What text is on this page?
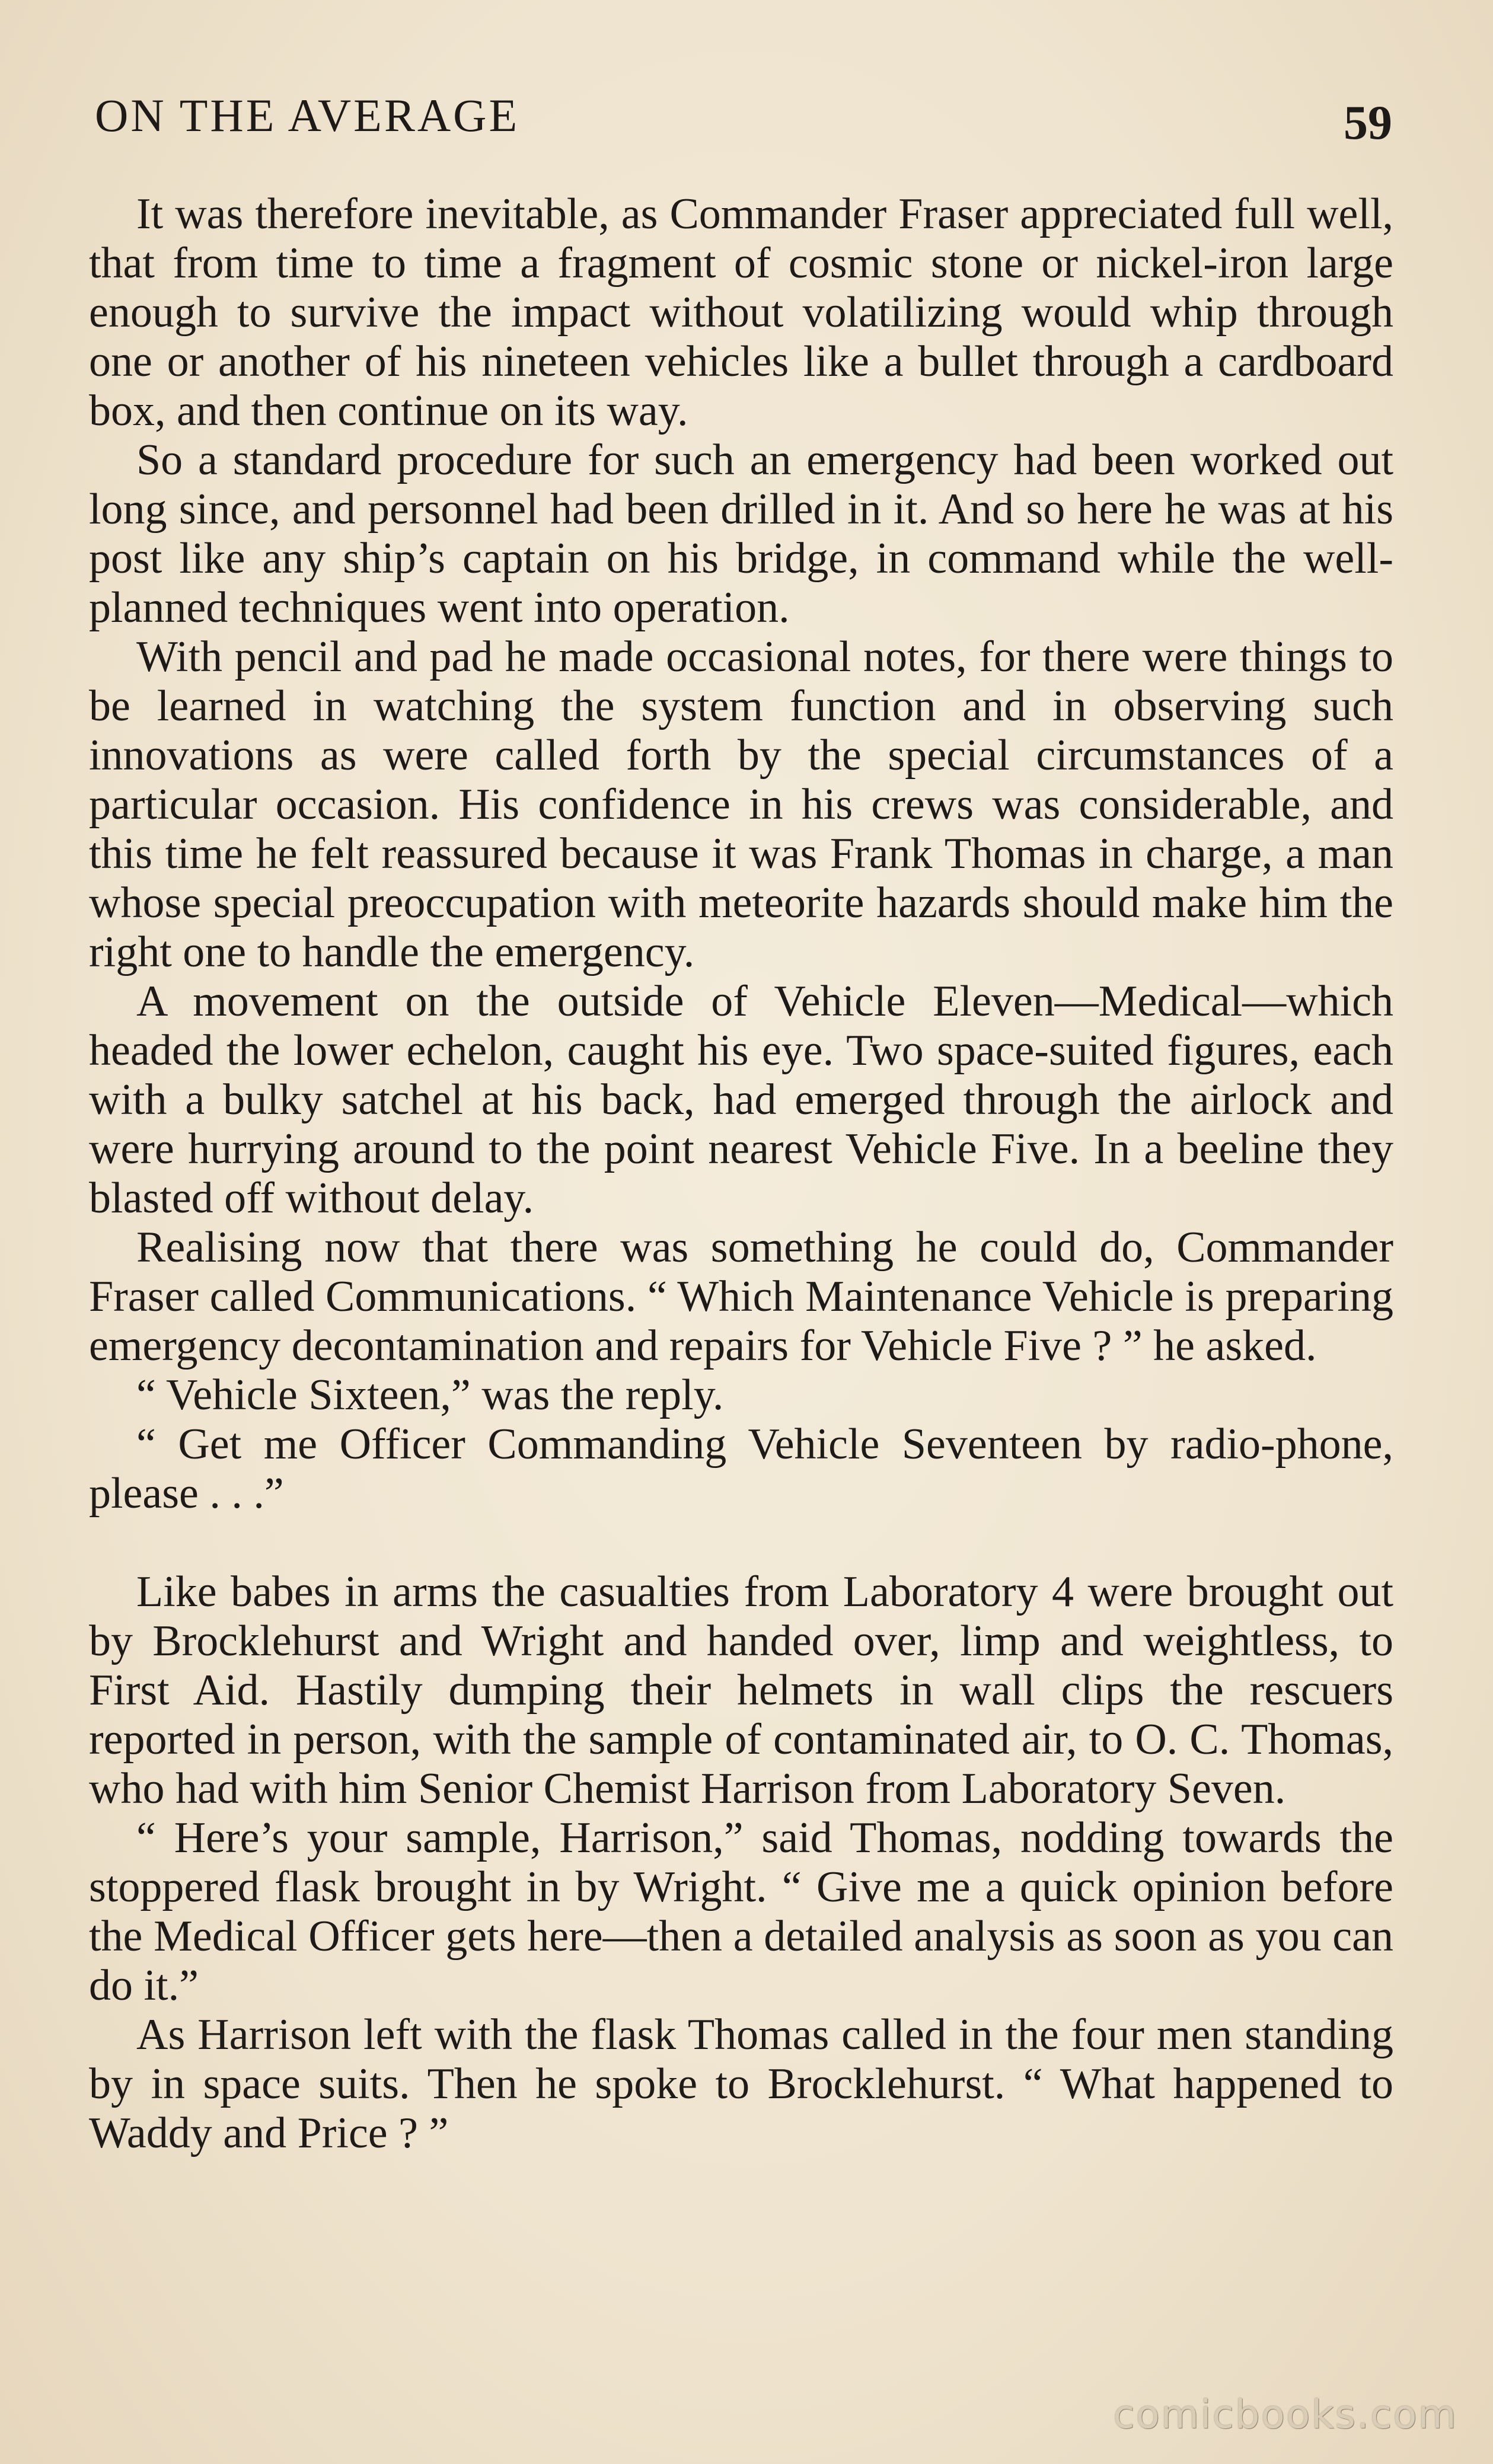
ON THE AVERAGE	59

It was therefore inevitable, as Commander Fraser appreciated full well, that from time to time a fragment of cosmic stone or nickel-iron large enough to survive the impact without volatilizing would whip through one or another of his nineteen vehicles like a bullet through a cardboard box, and then continue on its way.

So a standard procedure for such an emergency had been worked out long since, and personnel had been drilled in it. And so here he was at his post like any ship’s captain on his bridge, in command while the well-planned techniques went into operation.

With pencil and pad he made occasional notes, for there were things to be learned in watching the system function and in observing such innovations as were called forth by the special circumstances of a particular occasion. His confidence in his crews was considerable, and this time he felt reassured because it was Frank Thomas in charge, a man whose special preoccupation with meteorite hazards should make him the right one to handle the emergency.

A movement on the outside of Vehicle Eleven—Medical—which headed the lower echelon, caught his eye. Two space-suited figures, each with a bulky satchel at his back, had emerged through the airlock and were hurrying around to the point nearest Vehicle Five. In a beeline they blasted off without delay.

Realising now that there was something he could do, Commander Fraser called Communications. “ Which Maintenance Vehicle is preparing emergency decontamination and repairs for Vehicle Five ? ” he asked.

“ Vehicle Sixteen,” was the reply.

“ Get me Officer Commanding Vehicle Seventeen by radio-phone, please . . .”

Like babes in arms the casualties from Laboratory 4 were brought out by Brocklehurst and Wright and handed over, limp and weightless, to First Aid. Hastily dumping their helmets in wall clips the rescuers reported in person, with the sample of contaminated air, to O. C. Thomas, who had with him Senior Chemist Harrison from Laboratory Seven.

“ Here’s your sample, Harrison,” said Thomas, nodding towards the stoppered flask brought in by Wright. “ Give me a quick opinion before the Medical Officer gets here—then a detailed analysis as soon as you can do it.”

As Harrison left with the flask Thomas called in the four men standing by in space suits. Then he spoke to Brocklehurst. “ What happened to Waddy and Price ? ”

comicbooks.com
